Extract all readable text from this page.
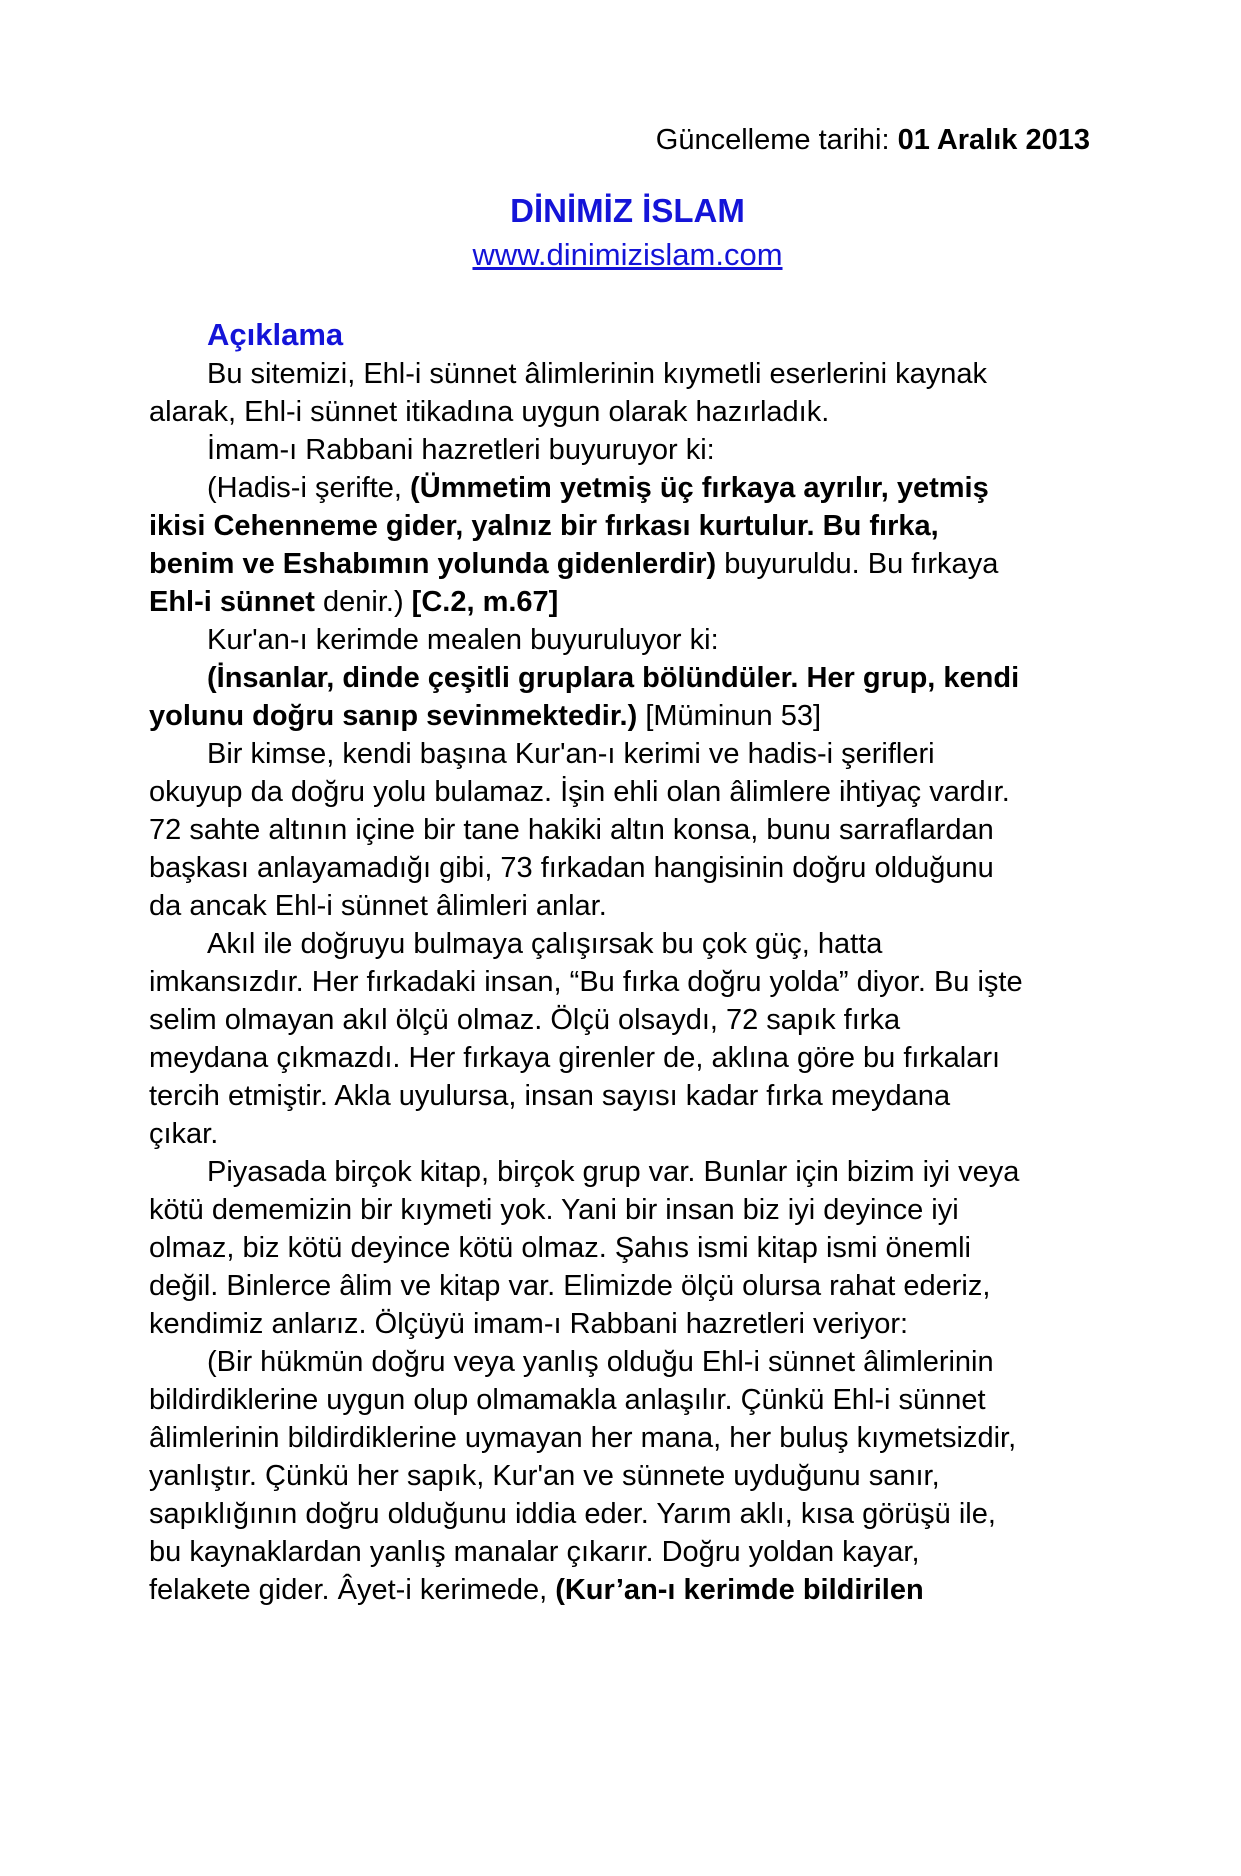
Güncelleme tarihi: 01 Aralık 2013
DİNİMİZ İSLAM
www.dinimizislam.com
Açıklama
Bu sitemizi, Ehl-i sünnet âlimlerinin kıymetli eserlerini kaynak
alarak, Ehl-i sünnet itikadına uygun olarak hazırladık.
İmam-ı Rabbani hazretleri buyuruyor ki:
(Hadis-i şerifte, (Ümmetim yetmiş üç fırkaya ayrılır, yetmiş
ikisi Cehenneme gider, yalnız bir fırkası kurtulur. Bu fırka,
benim ve Eshabımın yolunda gidenlerdir) buyuruldu. Bu fırkaya
Ehl-i sünnet denir.) [C.2, m.67]
Kur'an-ı kerimde mealen buyuruluyor ki:
(İnsanlar, dinde çeşitli gruplara bölündüler. Her grup, kendi
yolunu doğru sanıp sevinmektedir.) [Müminun 53]
Bir kimse, kendi başına Kur'an-ı kerimi ve hadis-i şerifleri
okuyup da doğru yolu bulamaz. İşin ehli olan âlimlere ihtiyaç vardır.
72 sahte altının içine bir tane hakiki altın konsa, bunu sarraflardan
başkası anlayamadığı gibi, 73 fırkadan hangisinin doğru olduğunu
da ancak Ehl-i sünnet âlimleri anlar.
Akıl ile doğruyu bulmaya çalışırsak bu çok güç, hatta
imkansızdır. Her fırkadaki insan, “Bu fırka doğru yolda” diyor. Bu işte
selim olmayan akıl ölçü olmaz. Ölçü olsaydı, 72 sapık fırka
meydana çıkmazdı. Her fırkaya girenler de, aklına göre bu fırkaları
tercih etmiştir. Akla uyulursa, insan sayısı kadar fırka meydana
çıkar.
Piyasada birçok kitap, birçok grup var. Bunlar için bizim iyi veya
kötü dememizin bir kıymeti yok. Yani bir insan biz iyi deyince iyi
olmaz, biz kötü deyince kötü olmaz. Şahıs ismi kitap ismi önemli
değil. Binlerce âlim ve kitap var. Elimizde ölçü olursa rahat ederiz,
kendimiz anlarız. Ölçüyü imam-ı Rabbani hazretleri veriyor:
(Bir hükmün doğru veya yanlış olduğu Ehl-i sünnet âlimlerinin
bildirdiklerine uygun olup olmamakla anlaşılır. Çünkü Ehl-i sünnet
âlimlerinin bildirdiklerine uymayan her mana, her buluş kıymetsizdir,
yanlıştır. Çünkü her sapık, Kur'an ve sünnete uyduğunu sanır,
sapıklığının doğru olduğunu iddia eder. Yarım aklı, kısa görüşü ile,
bu kaynaklardan yanlış manalar çıkarır. Doğru yoldan kayar,
felakete gider. Âyet-i kerimede, (Kur’an-ı kerimde bildirilen
